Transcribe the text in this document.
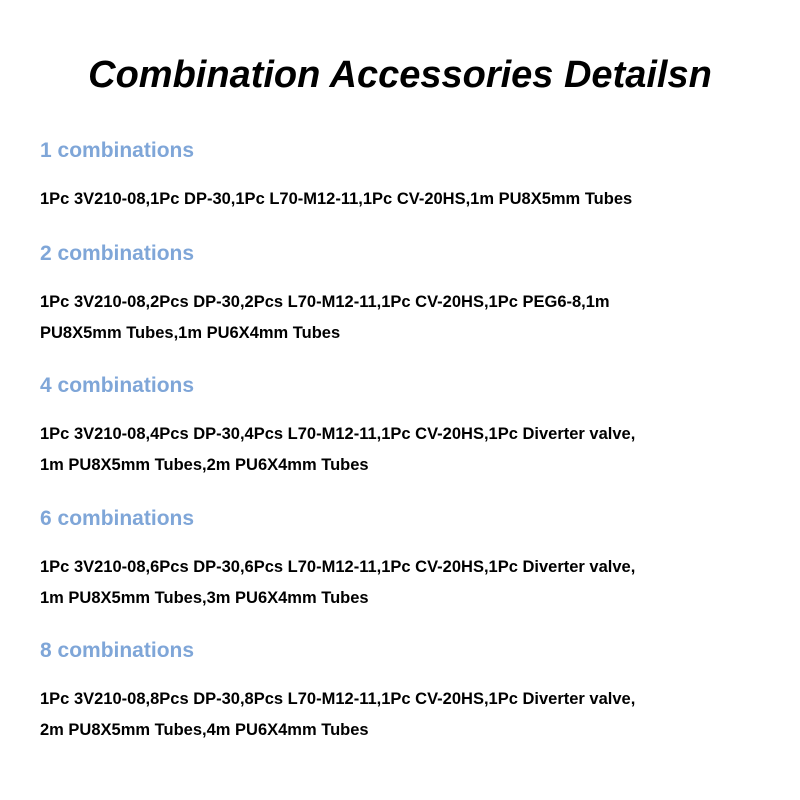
Combination Accessories Detailsn
1 combinations
1Pc 3V210-08,1Pc DP-30,1Pc L70-M12-11,1Pc CV-20HS,1m PU8X5mm Tubes
2 combinations
1Pc 3V210-08,2Pcs DP-30,2Pcs L70-M12-11,1Pc CV-20HS,1Pc PEG6-8,1m
PU8X5mm Tubes,1m PU6X4mm Tubes
4 combinations
1Pc 3V210-08,4Pcs DP-30,4Pcs L70-M12-11,1Pc CV-20HS,1Pc Diverter valve,
1m PU8X5mm Tubes,2m PU6X4mm Tubes
6 combinations
1Pc 3V210-08,6Pcs DP-30,6Pcs L70-M12-11,1Pc CV-20HS,1Pc Diverter valve,
1m PU8X5mm Tubes,3m PU6X4mm Tubes
8 combinations
1Pc 3V210-08,8Pcs DP-30,8Pcs L70-M12-11,1Pc CV-20HS,1Pc Diverter valve,
2m PU8X5mm Tubes,4m PU6X4mm Tubes
